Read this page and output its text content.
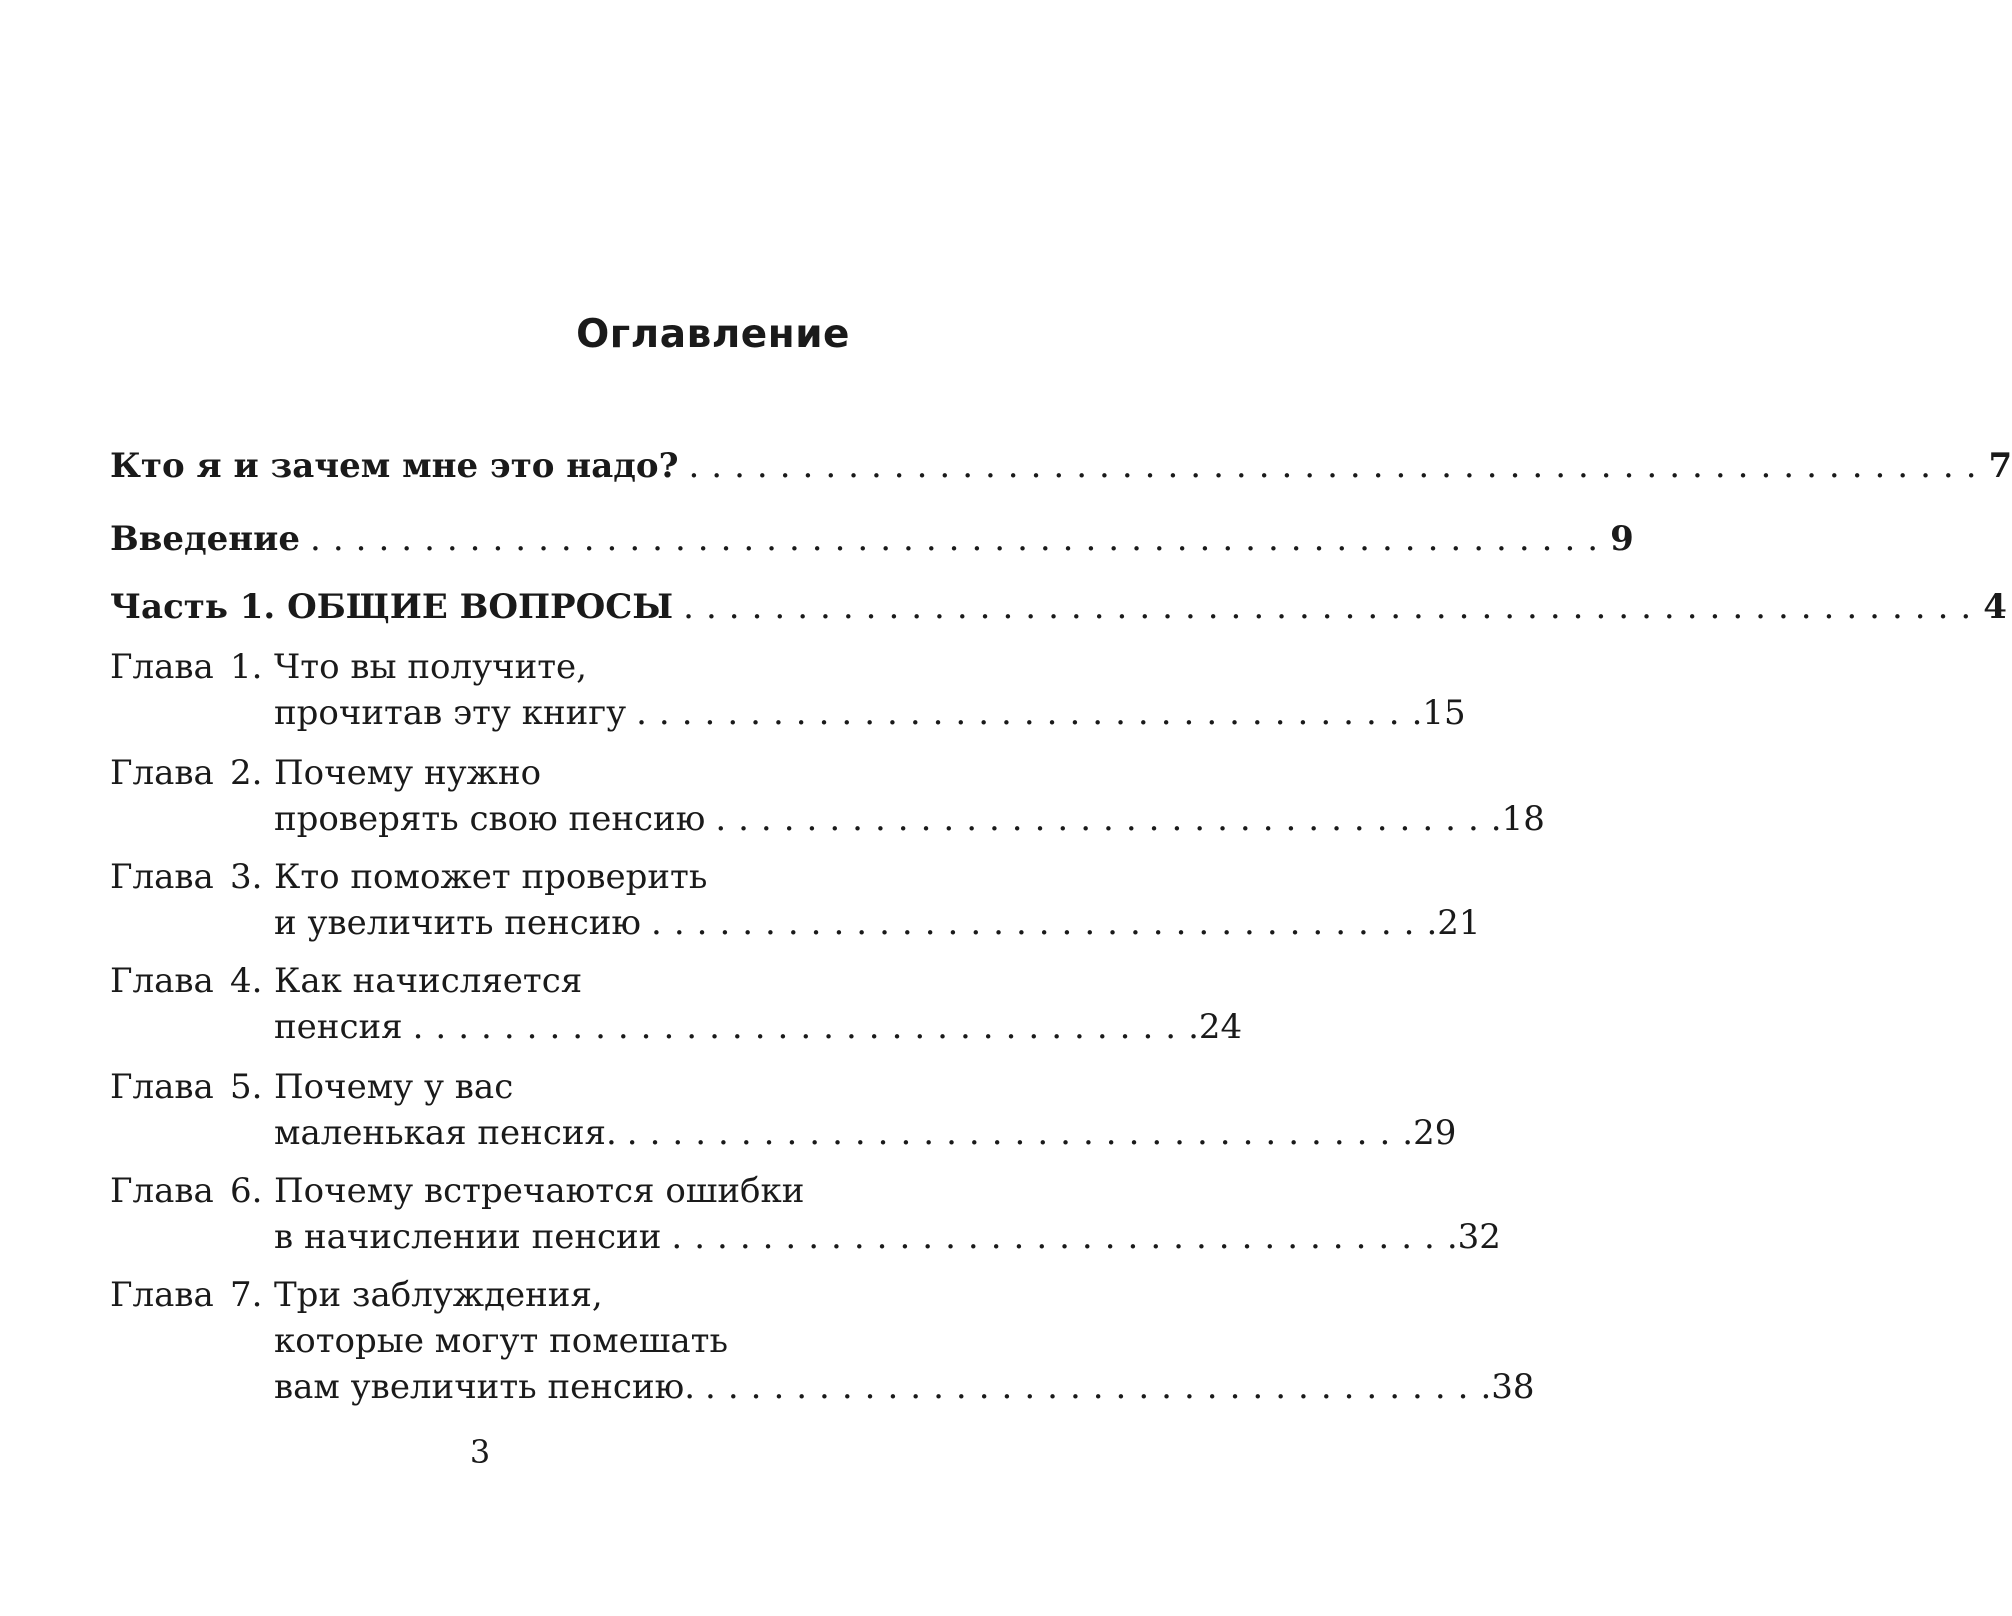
Оглавление
Кто я и зачем мне это надо? ......................................................... 7
Введение ......................................................... 9
Часть 1. ОБЩИЕ ВОПРОСЫ ......................................................... 4
Глава 1. Что вы получите,
прочитав эту книгу .................................. .15
Глава 2. Почему нужно
проверять свою пенсию .................................. .18
Глава 3. Кто поможет проверить
и увеличить пенсию .................................. .21
Глава 4. Как начисляется
пенсия .................................. .24
Глава 5. Почему у вас
маленькая пенсия. .................................. .29
Глава 6. Почему встречаются ошибки
в начислении пенсии .................................. .32
Глава 7. Три заблуждения,
которые могут помешать
вам увеличить пенсию. .................................. .38
3
